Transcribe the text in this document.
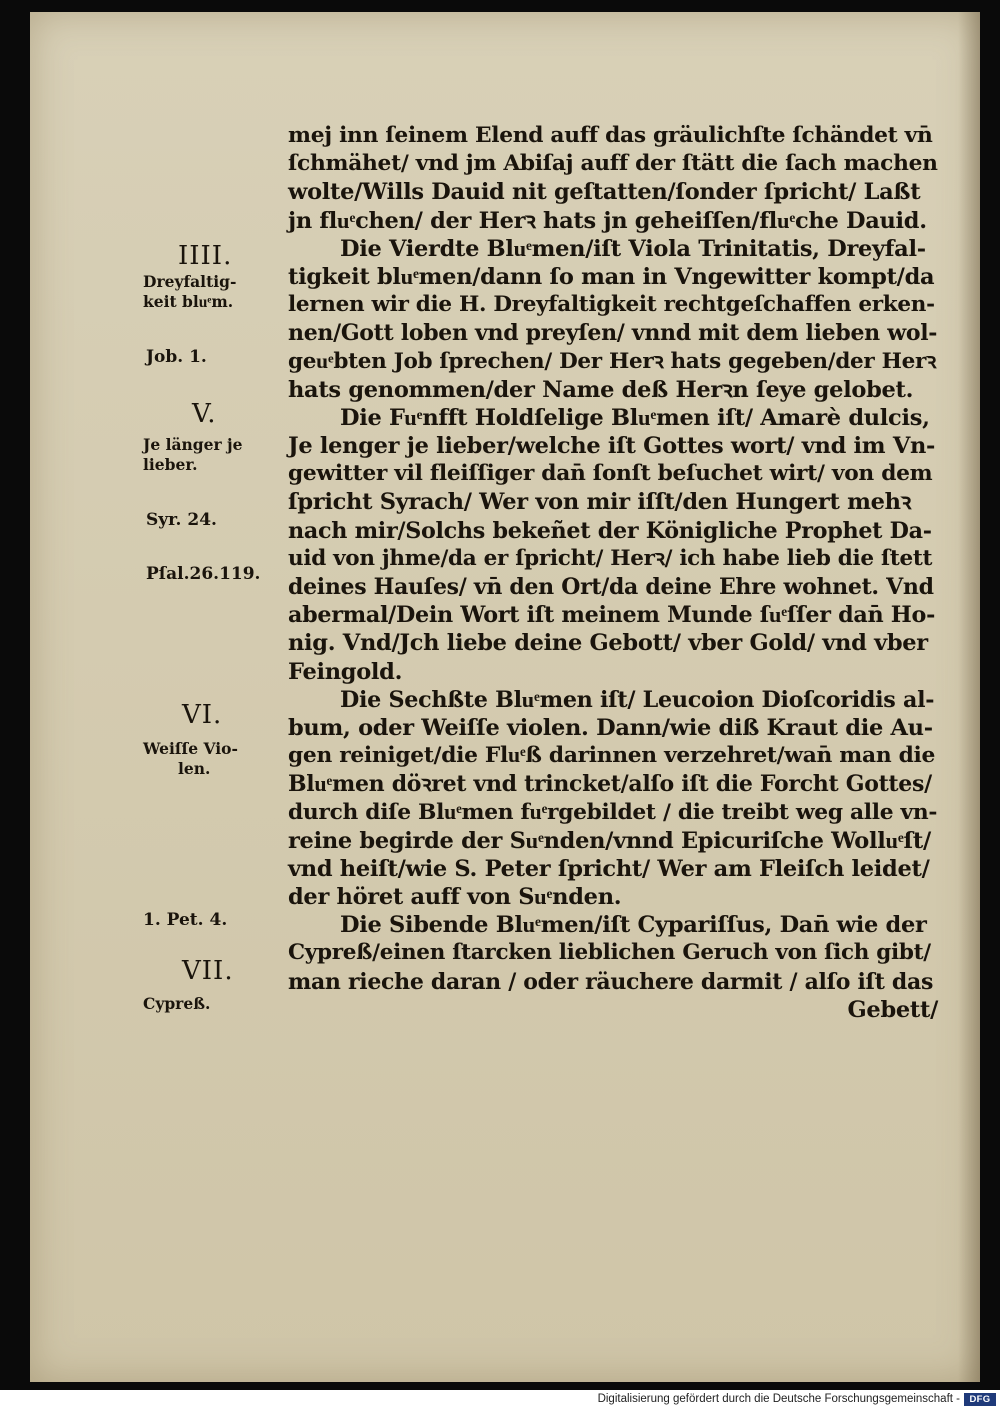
IIII.
Dreyfaltig-
keit bluͤm.
Job. 1.
V.
Je länger je
lieber.
Syr. 24.
Pſal.26.119.
VI.
Weiſſe Vio-
len.
1. Pet. 4.
VII.
Cypreß.
mej inn ſeinem Elend auff das gräulichſte ſchändet vn̄
ſchmähet/ vnd jm Abiſaj auff der ſtätt die ſach machen
wolte/Wills Dauid nit geſtatten/ſonder ſpricht/ Laßt
jn fluͤchen/ der Herꝛ hats jn geheiſſen/fluͤche Dauid.
Die Vierdte Bluͤmen/iſt Viola Trinitatis, Dreyfal-
tigkeit bluͤmen/dann ſo man in Vngewitter kompt/da
lernen wir die H. Dreyfaltigkeit rechtgeſchaffen erken-
nen/Gott loben vnd preyſen/ vnnd mit dem lieben wol-
geuͤbten Job ſprechen/ Der Herꝛ hats gegeben/der Herꝛ
hats genommen/der Name deß Herꝛn ſeye gelobet.
Die Fuͤnfft Holdſelige Bluͤmen iſt/ Amarè dulcis,
Je lenger je lieber/welche iſt Gottes wort/ vnd im Vn-
gewitter vil fleiſſiger dan̄ ſonſt beſuchet wirt/ von dem
ſpricht Syrach/ Wer von mir iſſt/den Hungert mehꝛ
nach mir/Solchs bekeñet der Königliche Prophet Da-
uid von jhme/da er ſpricht/ Herꝛ/ ich habe lieb die ſtett
deines Hauſes/ vn̄ den Ort/da deine Ehre wohnet. Vnd
abermal/Dein Wort iſt meinem Munde ſuͤſſer dan̄ Ho-
nig. Vnd/Jch liebe deine Gebott/ vber Gold/ vnd vber
Feingold.
Die Sechßte Bluͤmen iſt/ Leucoion Dioſcoridis al-
bum, oder Weiſſe violen. Dann/wie diß Kraut die Au-
gen reiniget/die Fluͤß darinnen verzehret/wan̄ man die
Bluͤmen döꝛret vnd trincket/alſo iſt die Forcht Gottes/
durch diſe Bluͤmen fuͤrgebildet / die treibt weg alle vn-
reine begirde der Suͤnden/vnnd Epicuriſche Wolluͤſt/
vnd heiſt/wie S. Peter ſpricht/ Wer am Fleiſch leidet/
der höret auff von Suͤnden.
Die Sibende Bluͤmen/iſt Cypariſſus, Dan̄ wie der
Cypreß/einen ſtarcken lieblichen Geruch von ſich gibt/
man rieche daran / oder räuchere darmit / alſo iſt das
Gebett/
Digitalisierung gefördert durch die Deutsche Forschungsgemeinschaft -	DFG
